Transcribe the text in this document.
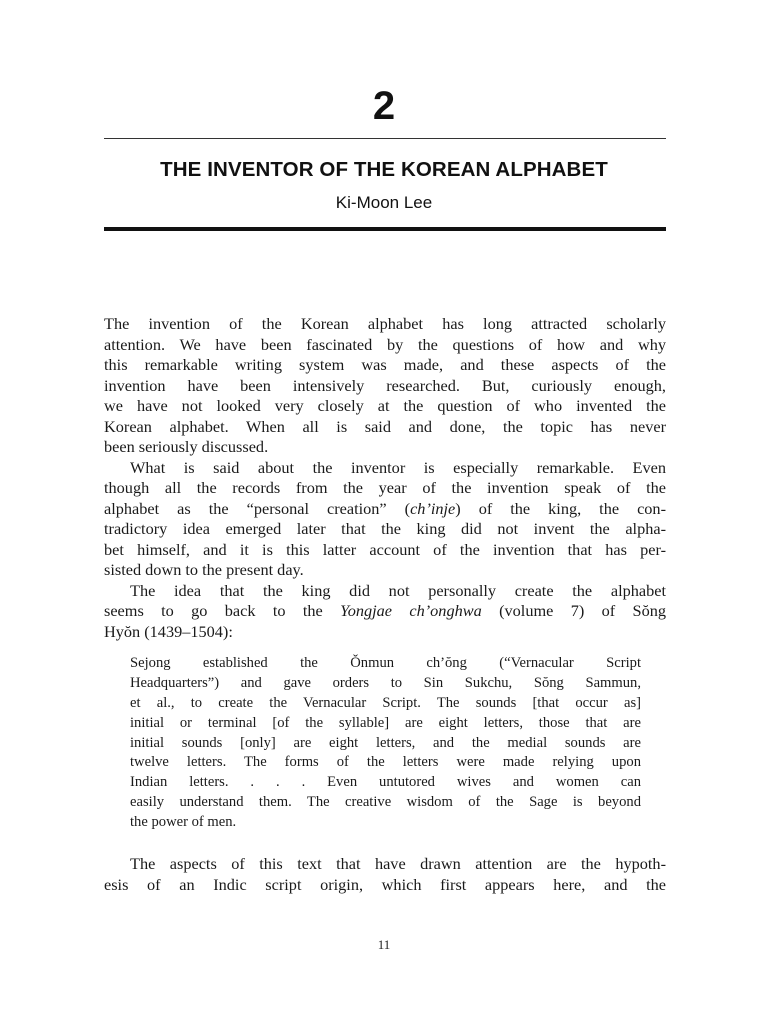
2
THE INVENTOR OF THE KOREAN ALPHABET
Ki-Moon Lee
The invention of the Korean alphabet has long attracted scholarly
attention. We have been fascinated by the questions of how and why
this remarkable writing system was made, and these aspects of the
invention have been intensively researched. But, curiously enough,
we have not looked very closely at the question of who invented the
Korean alphabet. When all is said and done, the topic has never
been seriously discussed.
What is said about the inventor is especially remarkable. Even
though all the records from the year of the invention speak of the
alphabet as the “personal creation” (ch’inje) of the king, the con-
tradictory idea emerged later that the king did not invent the alpha-
bet himself, and it is this latter account of the invention that has per-
sisted down to the present day.
The idea that the king did not personally create the alphabet
seems to go back to the Yongjae ch’onghwa (volume 7) of Sŏng
Hyŏn (1439–1504):
Sejong established the Ŏnmun ch’ŏng (“Vernacular Script
Headquarters”) and gave orders to Sin Sukchu, Sŏng Sammun,
et al., to create the Vernacular Script. The sounds [that occur as]
initial or terminal [of the syllable] are eight letters, those that are
initial sounds [only] are eight letters, and the medial sounds are
twelve letters. The forms of the letters were made relying upon
Indian letters. . . . Even untutored wives and women can
easily understand them. The creative wisdom of the Sage is beyond
the power of men.
The aspects of this text that have drawn attention are the hypoth-
esis of an Indic script origin, which first appears here, and the
11
